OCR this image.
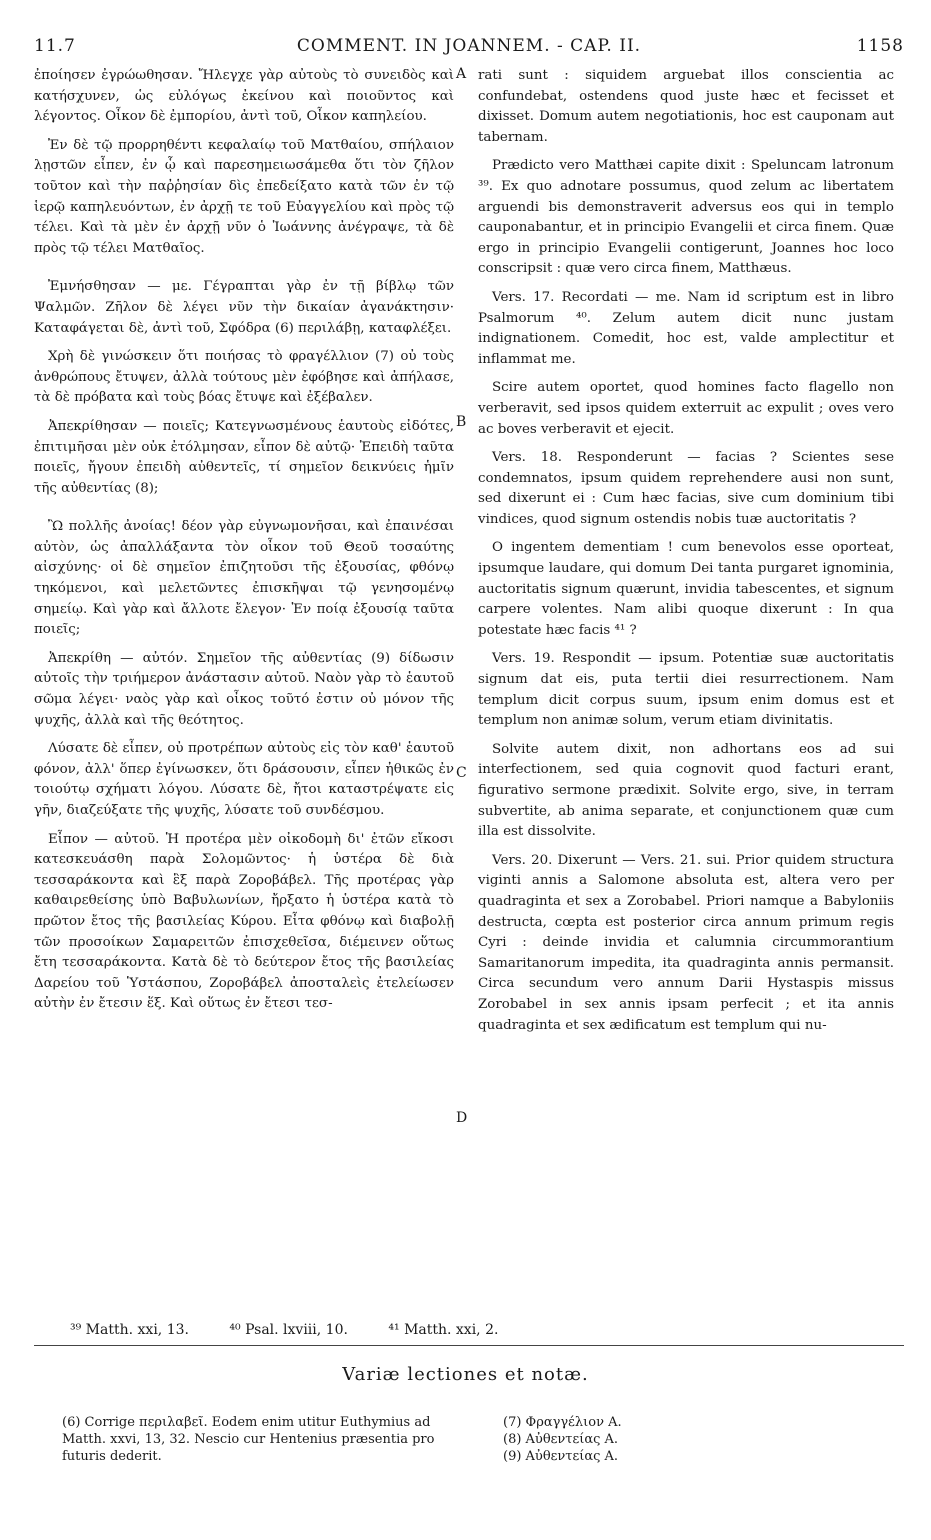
11.7	COMMENT. IN JOANNEM. - CAP. II.	1158

ἐποίησεν ἐγρώωθησαν. Ἤλεγχε γὰρ αὐτοὺς τὸ συνειδὸς καὶ κατήσχυνεν, ὡς εὐλόγως ἐκείνου καὶ ποιοῦντος καὶ λέγοντος. Οἶκον δὲ ἐμπορίου, ἀντὶ τοῦ, Οἶκον καπηλείου.

Ἐν δὲ τῷ προρρηθέντι κεφαλαίῳ τοῦ Ματθαίου, σπήλαιον λῃστῶν εἶπεν, ἐν ᾧ καὶ παρεσημειωσάμεθα ὅτι τὸν ζῆλον τοῦτον καὶ τὴν παῤῥησίαν δὶς ἐπεδείξατο κατὰ τῶν ἐν τῷ ἱερῷ καπηλευόντων, ἐν ἀρχῇ τε τοῦ Εὐαγγελίου καὶ πρὸς τῷ τέλει. Καὶ τὰ μὲν ἐν ἀρχῇ νῦν ὁ Ἰωάννης ἀνέγραψε, τὰ δὲ πρὸς τῷ τέλει Ματθαῖος.

Ἐμνήσθησαν — με. Γέγραπται γὰρ ἐν τῇ βίβλῳ τῶν Ψαλμῶν. Ζῆλον δὲ λέγει νῦν τὴν δικαίαν ἀγανάκτησιν· Καταφάγεται δὲ, ἀντὶ τοῦ, Σφόδρα (6) περιλάβῃ, καταφλέξει.

Χρὴ δὲ γινώσκειν ὅτι ποιήσας τὸ φραγέλλιον (7) οὐ τοὺς ἀνθρώπους ἔτυψεν, ἀλλὰ τούτους μὲν ἐφόβησε καὶ ἀπήλασε, τὰ δὲ πρόβατα καὶ τοὺς βόας ἔτυψε καὶ ἐξέβαλεν.

Ἀπεκρίθησαν — ποιεῖς; Κατεγνωσμένους ἑαυτοὺς εἰδότες, ἐπιτιμῆσαι μὲν οὐκ ἐτόλμησαν, εἶπον δὲ αὐτῷ· Ἐπειδὴ ταῦτα ποιεῖς, ἤγουν ἐπειδὴ αὐθεντεῖς, τί σημεῖον δεικνύεις ἡμῖν τῆς αὐθεντίας (8);

Ὢ πολλῆς ἀνοίας! δέον γὰρ εὐγνωμονῆσαι, καὶ ἐπαινέσαι αὐτὸν, ὡς ἀπαλλάξαντα τὸν οἶκον τοῦ Θεοῦ τοσαύτης αἰσχύνης· οἱ δὲ σημεῖον ἐπιζητοῦσι τῆς ἐξουσίας, φθόνῳ τηκόμενοι, καὶ μελετῶντες ἐπισκῆψαι τῷ γενησομένῳ σημείῳ. Καὶ γὰρ καὶ ἄλλοτε ἔλεγον· Ἐν ποίᾳ ἐξουσίᾳ ταῦτα ποιεῖς;

Ἀπεκρίθη — αὐτόν. Σημεῖον τῆς αὐθεντίας (9) δίδωσιν αὐτοῖς τὴν τριήμερον ἀνάστασιν αὐτοῦ. Ναὸν γὰρ τὸ ἑαυτοῦ σῶμα λέγει· ναὸς γὰρ καὶ οἶκος τοῦτό ἐστιν οὐ μόνον τῆς ψυχῆς, ἀλλὰ καὶ τῆς θεότητος.

Λύσατε δὲ εἶπεν, οὐ προτρέπων αὐτοὺς εἰς τὸν καθ' ἑαυτοῦ φόνον, ἀλλ' ὅπερ ἐγίνωσκεν, ὅτι δράσουσιν, εἶπεν ἠθικῶς ἐν τοιούτῳ σχήματι λόγου. Λύσατε δὲ, ἤτοι καταστρέψατε εἰς γῆν, διαζεύξατε τῆς ψυχῆς, λύσατε τοῦ συνδέσμου.

Εἶπον — αὐτοῦ. Ἡ προτέρα μὲν οἰκοδομὴ δι' ἐτῶν εἴκοσι κατεσκευάσθη παρὰ Σολομῶντος· ἡ ὑστέρα δὲ διὰ τεσσαράκοντα καὶ ἓξ παρὰ Ζοροβάβελ. Τῆς προτέρας γὰρ καθαιρεθείσης ὑπὸ Βαβυλωνίων, ἤρξατο ἡ ὑστέρα κατὰ τὸ πρῶτον ἔτος τῆς βασιλείας Κύρου. Εἶτα φθόνῳ καὶ διαβολῇ τῶν προσοίκων Σαμαρειτῶν ἐπισχεθεῖσα, διέμεινεν οὕτως ἔτη τεσσαράκοντα. Κατὰ δὲ τὸ δεύτερον ἔτος τῆς βασιλείας Δαρείου τοῦ Ὑστάσπου, Ζοροβάβελ ἀποσταλεὶς ἐτελείωσεν αὐτὴν ἐν ἔτεσιν ἕξ. Καὶ οὕτως ἐν ἔτεσι τεσ-

A
B
C
D

rati sunt : siquidem arguebat illos conscientia ac confundebat, ostendens quod juste hæc et fecisset et dixisset. Domum autem negotiationis, hoc est cauponam aut tabernam.

Prædicto vero Matthæi capite dixit : Speluncam latronum ³⁹. Ex quo adnotare possumus, quod zelum ac libertatem arguendi bis demonstraverit adversus eos qui in templo cauponabantur, et in principio Evangelii et circa finem. Quæ ergo in principio Evangelii contigerunt, Joannes hoc loco conscripsit : quæ vero circa finem, Matthæus.

Vers. 17. Recordati — me. Nam id scriptum est in libro Psalmorum ⁴⁰. Zelum autem dicit nunc justam indignationem. Comedit, hoc est, valde amplectitur et inflammat me.

Scire autem oportet, quod homines facto flagello non verberavit, sed ipsos quidem exterruit ac expulit ; oves vero ac boves verberavit et ejecit.

Vers. 18. Responderunt — facias ? Scientes sese condemnatos, ipsum quidem reprehendere ausi non sunt, sed dixerunt ei : Cum hæc facias, sive cum dominium tibi vindices, quod signum ostendis nobis tuæ auctoritatis ?

O ingentem dementiam ! cum benevolos esse oporteat, ipsumque laudare, qui domum Dei tanta purgaret ignominia, auctoritatis signum quærunt, invidia tabescentes, et signum carpere volentes. Nam alibi quoque dixerunt : In qua potestate hæc facis ⁴¹ ?

Vers. 19. Respondit — ipsum. Potentiæ suæ auctoritatis signum dat eis, puta tertii diei resurrectionem. Nam templum dicit corpus suum, ipsum enim domus est et templum non animæ solum, verum etiam divinitatis.

Solvite autem dixit, non adhortans eos ad sui interfectionem, sed quia cognovit quod facturi erant, figurativo sermone prædixit. Solvite ergo, sive, in terram subvertite, ab anima separate, et conjunctionem quæ cum illa est dissolvite.

Vers. 20. Dixerunt — Vers. 21. sui. Prior quidem structura viginti annis a Salomone absoluta est, altera vero per quadraginta et sex a Zorobabel. Priori namque a Babyloniis destructa, cœpta est posterior circa annum primum regis Cyri : deinde invidia et calumnia circummorantium Samaritanorum impedita, ita quadraginta annis permansit. Circa secundum vero annum Darii Hystaspis missus Zorobabel in sex annis ipsam perfecit ; et ita annis quadraginta et sex ædificatum est templum qui nu-

³⁹ Matth. xxi, 13.	⁴⁰ Psal. lxviii, 10.	⁴¹ Matth. xxi, 2.
Variæ lectiones et notæ.
(6) Corrige περιλαβεῖ. Eodem enim utitur Euthymius ad Matth. xxvi, 13, 32. Nescio cur Hentenius præsentia pro futuris dederit.
(7) Φραγγέλιον A.
(8) Αὐθεντείας A.
(9) Αὐθεντείας A.
